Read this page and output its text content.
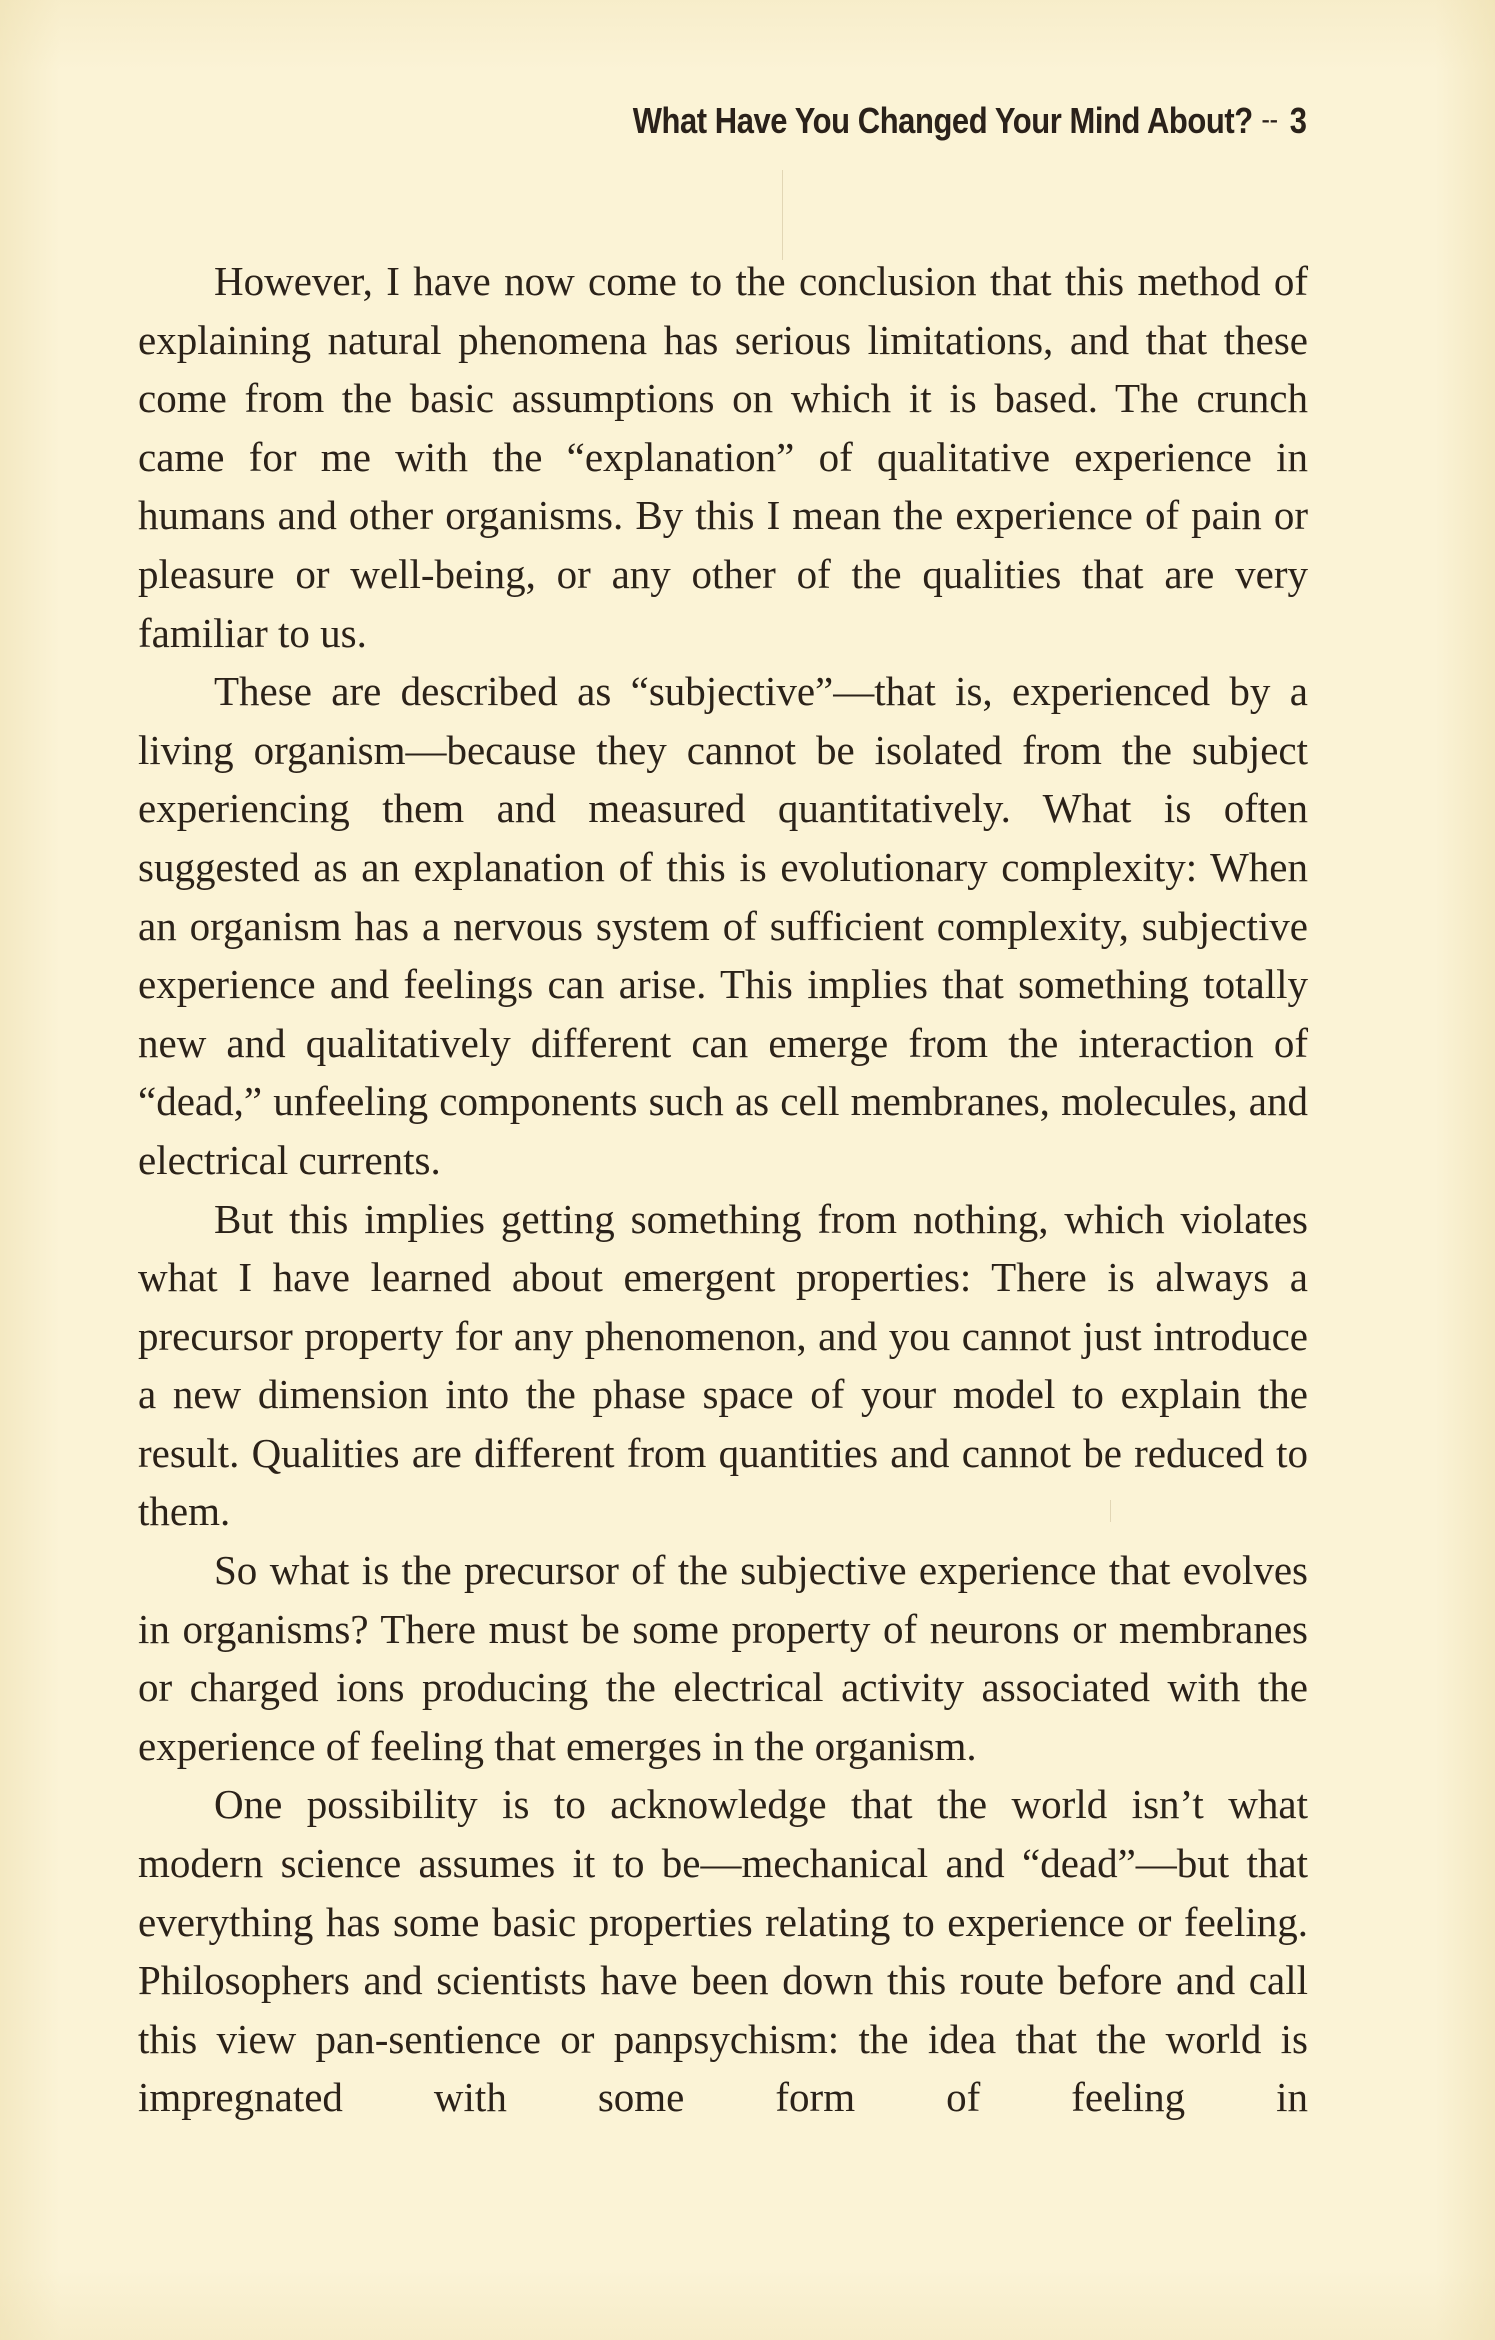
What Have You Changed Your Mind About? -- 3

However, I have now come to the conclusion that this method of explaining natural phenomena has serious limitations, and that these come from the basic assumptions on which it is based. The crunch came for me with the “explanation” of qualitative experience in humans and other organisms. By this I mean the experience of pain or pleasure or well-being, or any other of the qualities that are very familiar to us.

These are described as “subjective”—that is, experienced by a living organism—because they cannot be isolated from the subject experiencing them and measured quantitatively. What is often suggested as an explanation of this is evolutionary complexity: When an organism has a nervous system of sufficient complexity, subjective experience and feelings can arise. This implies that something totally new and qualitatively different can emerge from the interaction of “dead,” unfeeling components such as cell membranes, molecules, and electrical currents.

But this implies getting something from nothing, which violates what I have learned about emergent properties: There is always a precursor property for any phenomenon, and you cannot just introduce a new dimension into the phase space of your model to explain the result. Qualities are different from quantities and cannot be reduced to them.

So what is the precursor of the subjective experience that evolves in organisms? There must be some property of neurons or membranes or charged ions producing the electrical activity associated with the experience of feeling that emerges in the organism.

One possibility is to acknowledge that the world isn’t what modern science assumes it to be—mechanical and “dead”—but that everything has some basic properties relating to experience or feeling. Philosophers and scientists have been down this route before and call this view pan-sentience or panpsychism: the idea that the world is impregnated with some form of feeling in
